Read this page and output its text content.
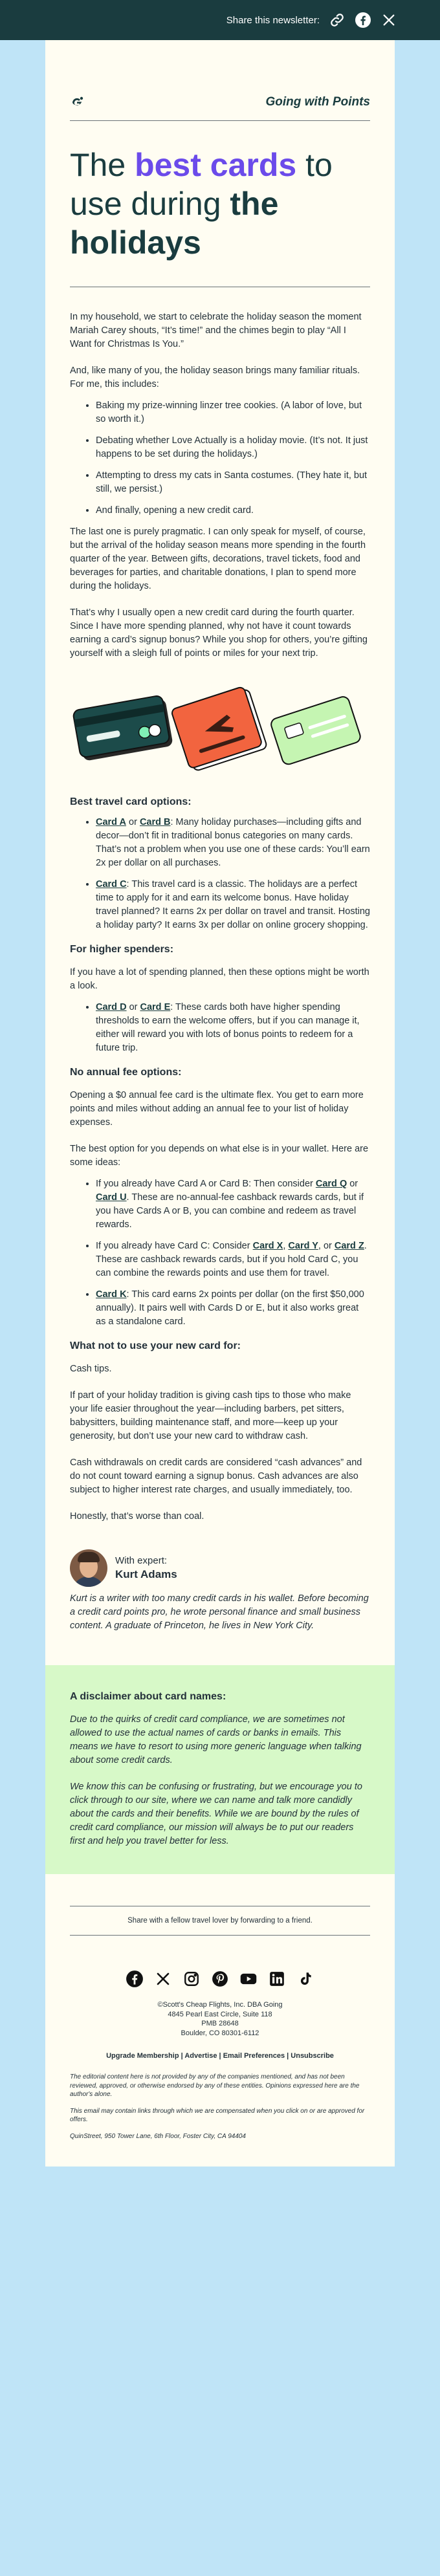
Share this newsletter:
Going with Points
The best cards to use during the holidays

In my household, we start to celebrate the holiday season the moment Mariah Carey shouts, “It’s time!” and the chimes begin to play “All I Want for Christmas Is You.”

And, like many of you, the holiday season brings many familiar rituals. For me, this includes:

• Baking my prize-winning linzer tree cookies. (A labor of love, but so worth it.)
• Debating whether Love Actually is a holiday movie. (It’s not. It just happens to be set during the holidays.)
• Attempting to dress my cats in Santa costumes. (They hate it, but still, we persist.)
• And finally, opening a new credit card.

The last one is purely pragmatic. I can only speak for myself, of course, but the arrival of the holiday season means more spending in the fourth quarter of the year. Between gifts, decorations, travel tickets, food and beverages for parties, and charitable donations, I plan to spend more during the holidays.

That’s why I usually open a new credit card during the fourth quarter. Since I have more spending planned, why not have it count towards earning a card’s signup bonus? While you shop for others, you’re gifting yourself with a sleigh full of points or miles for your next trip.

Best travel card options:
• Card A or Card B: Many holiday purchases—including gifts and decor—don’t fit in traditional bonus categories on many cards. That’s not a problem when you use one of these cards: You’ll earn 2x per dollar on all purchases.
• Card C: This travel card is a classic. The holidays are a perfect time to apply for it and earn its welcome bonus. Have holiday travel planned? It earns 2x per dollar on travel and transit. Hosting a holiday party? It earns 3x per dollar on online grocery shopping.
For higher spenders:

If you have a lot of spending planned, then these options might be worth a look.

• Card D or Card E: These cards both have higher spending thresholds to earn the welcome offers, but if you can manage it, either will reward you with lots of bonus points to redeem for a future trip.
No annual fee options:

Opening a $0 annual fee card is the ultimate flex. You get to earn more points and miles without adding an annual fee to your list of holiday expenses.

The best option for you depends on what else is in your wallet. Here are some ideas:

• If you already have Card A or Card B: Then consider Card Q or Card U. These are no-annual-fee cashback rewards cards, but if you have Cards A or B, you can combine and redeem as travel rewards.
• If you already have Card C: Consider Card X, Card Y, or Card Z. These are cashback rewards cards, but if you hold Card C, you can combine the rewards points and use them for travel.
• Card K: This card earns 2x points per dollar (on the first $50,000 annually). It pairs well with Cards D or E, but it also works great as a standalone card.
What not to use your new card for:

Cash tips.

If part of your holiday tradition is giving cash tips to those who make your life easier throughout the year—including barbers, pet sitters, babysitters, building maintenance staff, and more—keep up your generosity, but don’t use your new card to withdraw cash.

Cash withdrawals on credit cards are considered “cash advances” and do not count toward earning a signup bonus. Cash advances are also subject to higher interest rate charges, and usually immediately, too.

Honestly, that’s worse than coal.

With expert:
Kurt Adams
Kurt is a writer with too many credit cards in his wallet. Before becoming a credit card points pro, he wrote personal finance and small business content. A graduate of Princeton, he lives in New York City.
A disclaimer about card names:

Due to the quirks of credit card compliance, we are sometimes not allowed to use the actual names of cards or banks in emails. This means we have to resort to using more generic language when talking about some credit cards.

We know this can be confusing or frustrating, but we encourage you to click through to our site, where we can name and talk more candidly about the cards and their benefits. While we are bound by the rules of credit card compliance, our mission will always be to put our readers first and help you travel better for less.

Share with a fellow travel lover by forwarding to a friend.
©Scott's Cheap Flights, Inc. DBA Going
4845 Pearl East Circle, Suite 118
PMB 28648
Boulder, CO 80301-6112
Upgrade Membership | Advertise | Email Preferences | Unsubscribe
The editorial content here is not provided by any of the companies mentioned, and has not been reviewed, approved, or otherwise endorsed by any of these entities. Opinions expressed here are the author's alone.
This email may contain links through which we are compensated when you click on or are approved for offers.
QuinStreet, 950 Tower Lane, 6th Floor, Foster City, CA 94404
